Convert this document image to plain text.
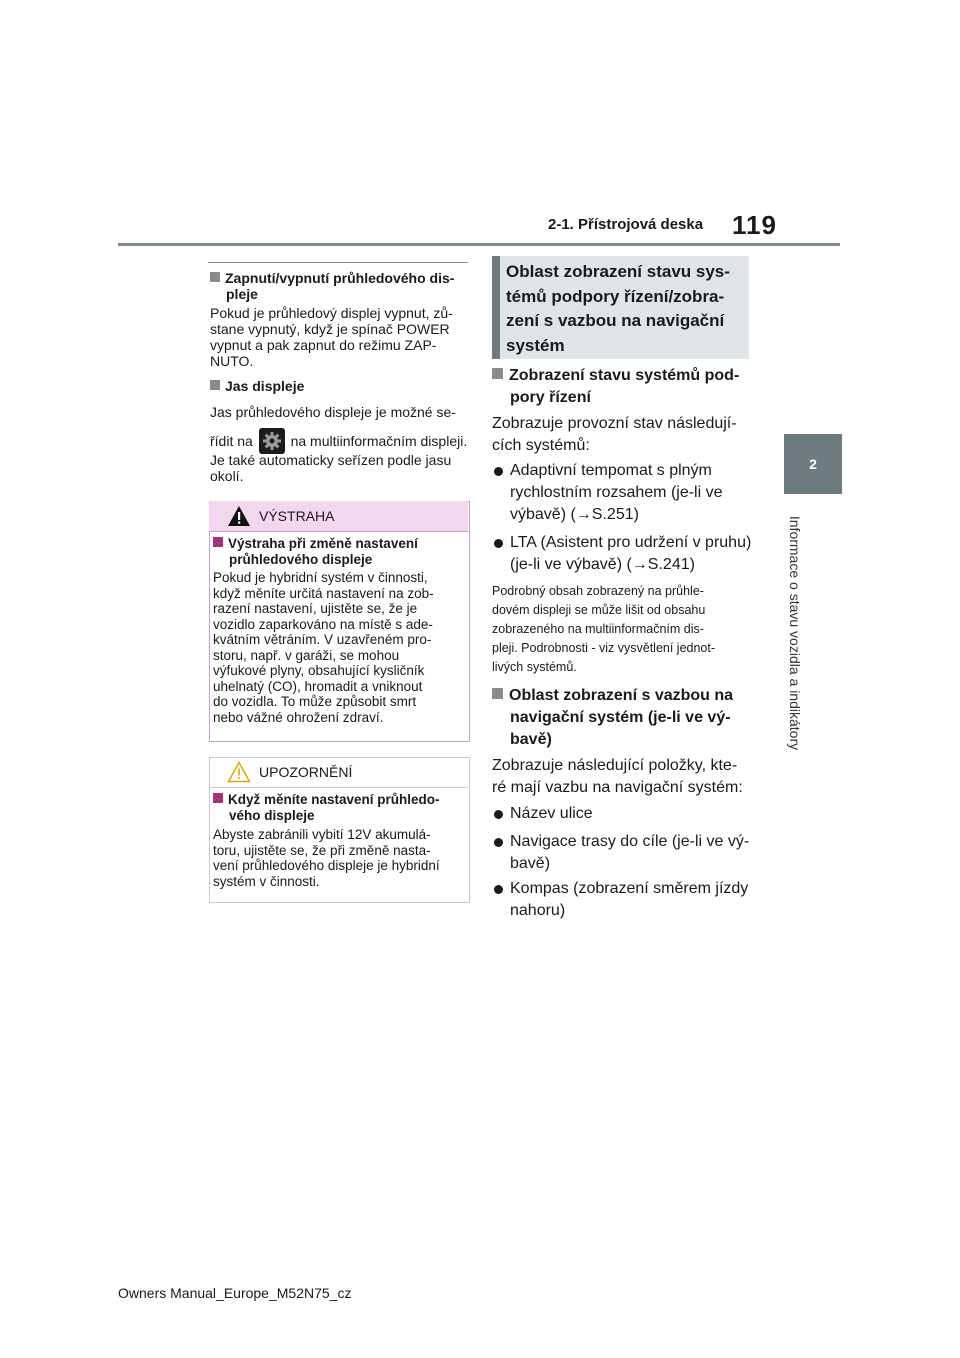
2-1. Přístrojová deska 119
2
Informace o stavu vozidla a indikátory
Zapnutí/vypnutí průhledového dis-
pleje
Pokud je průhledový displej vypnut, zů-
stane vypnutý, když je spínač POWER
vypnut a pak zapnut do režimu ZAP-
NUTO.
Jas displeje
Jas průhledového displeje je možné se-
řídit na	na multiinformačním displeji.
Je také automaticky seřízen podle jasu
okolí.
VÝSTRAHA
Výstraha při změně nastavení
průhledového displeje
Pokud je hybridní systém v činnosti,
když měníte určitá nastavení na zob-
razení nastavení, ujistěte se, že je
vozidlo zaparkováno na místě s ade-
kvátním větráním. V uzavřeném pro-
storu, např. v garáži, se mohou
výfukové plyny, obsahující kysličník
uhelnatý (CO), hromadit a vniknout
do vozidla. To může způsobit smrt
nebo vážné ohrožení zdraví.
UPOZORNĚNÍ
Když měníte nastavení průhledo-
vého displeje
Abyste zabránili vybití 12V akumulá-
toru, ujistěte se, že při změně nasta-
vení průhledového displeje je hybridní
systém v činnosti.
Oblast zobrazení stavu sys-
témů podpory řízení/zobra-
zení s vazbou na navigační
systém
Zobrazení stavu systémů pod-
pory řízení
Zobrazuje provozní stav následují-
cích systémů:
Adaptivní tempomat s plným
rychlostním rozsahem (je-li ve
výbavě) (→S.251)
LTA (Asistent pro udržení v pruhu)
(je-li ve výbavě) (→S.241)
Podrobný obsah zobrazený na průhle-
dovém displeji se může lišit od obsahu
zobrazeného na multiinformačním dis-
pleji. Podrobnosti - viz vysvětlení jednot-
livých systémů.
Oblast zobrazení s vazbou na
navigační systém (je-li ve vý-
bavě)
Zobrazuje následující položky, kte-
ré mají vazbu na navigační systém:
Název ulice
Navigace trasy do cíle (je-li ve vý-
bavě)
Kompas (zobrazení směrem jízdy
nahoru)
Owners Manual_Europe_M52N75_cz
